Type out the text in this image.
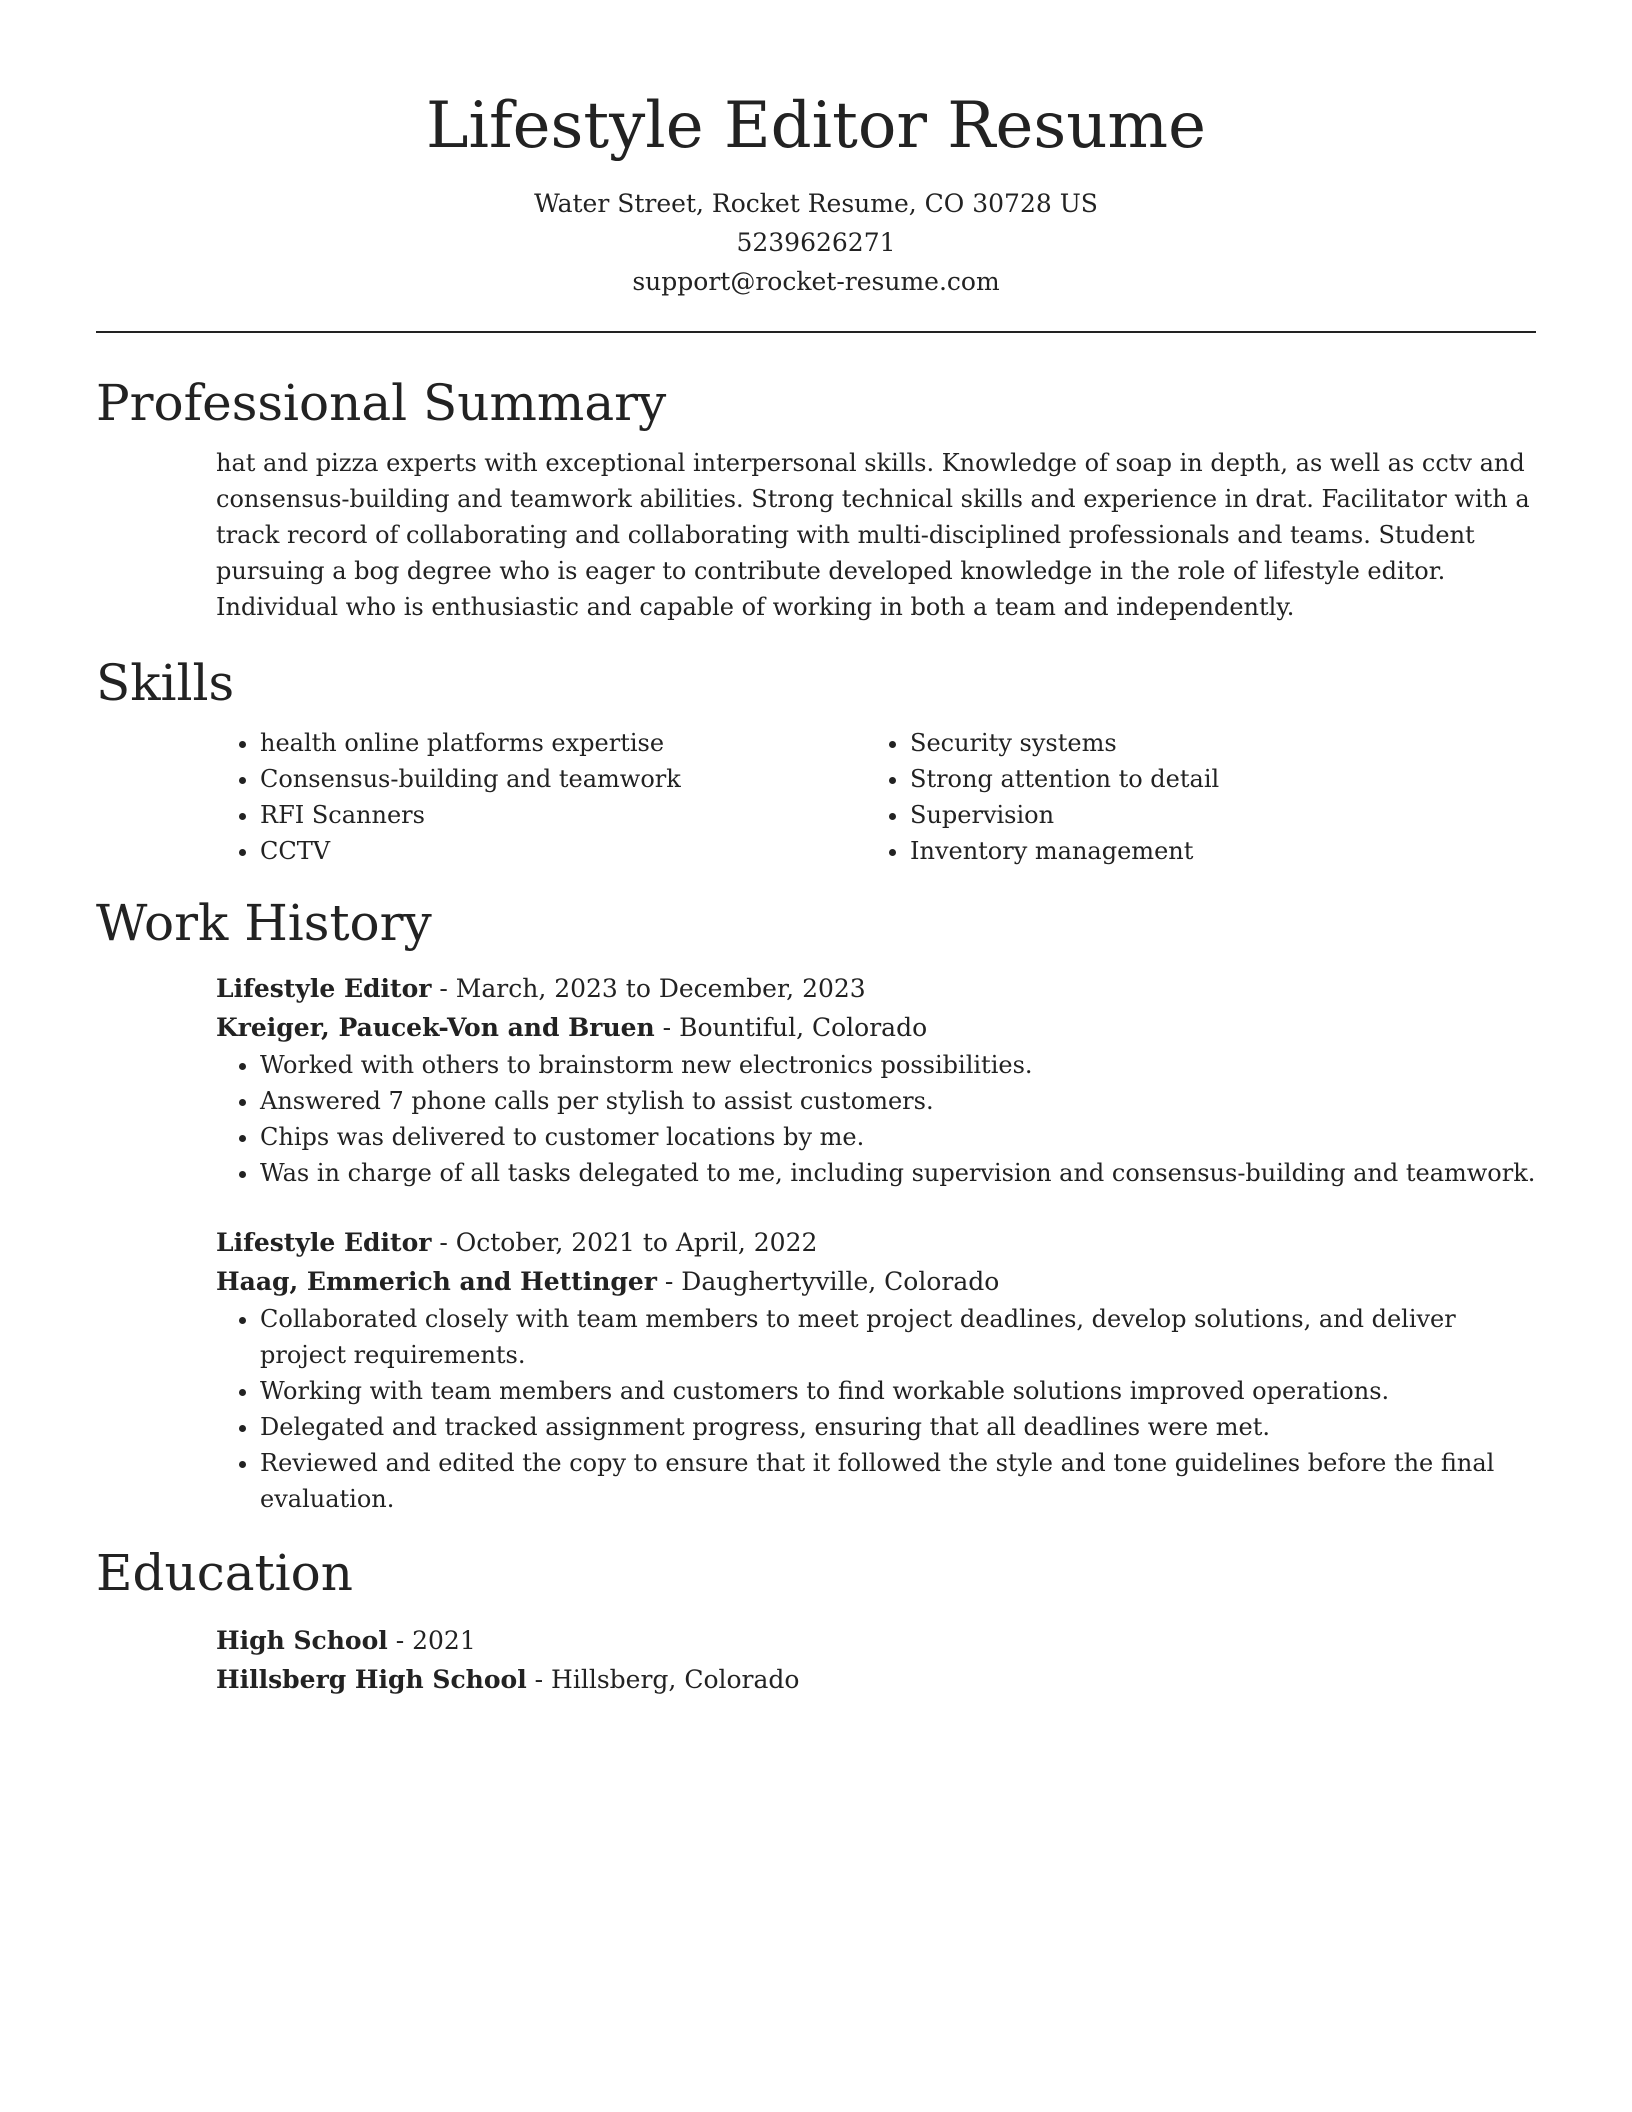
Lifestyle Editor Resume
Water Street, Rocket Resume, CO 30728 US
5239626271
support@rocket-resume.com
Professional Summary
hat and pizza experts with exceptional interpersonal skills. Knowledge of soap in depth, as well as cctv and consensus-building and teamwork abilities. Strong technical skills and experience in drat. Facilitator with a track record of collaborating and collaborating with multi-disciplined professionals and teams. Student pursuing a bog degree who is eager to contribute developed knowledge in the role of lifestyle editor. Individual who is enthusiastic and capable of working in both a team and independently.
Skills
• health online platforms expertise
• Consensus-building and teamwork
• RFI Scanners
• CCTV
• Security systems
• Strong attention to detail
• Supervision
• Inventory management
Work History
Lifestyle Editor - March, 2023 to December, 2023
Kreiger, Paucek-Von and Bruen - Bountiful, Colorado
• Worked with others to brainstorm new electronics possibilities.
• Answered 7 phone calls per stylish to assist customers.
• Chips was delivered to customer locations by me.
• Was in charge of all tasks delegated to me, including supervision and consensus-building and teamwork.
Lifestyle Editor - October, 2021 to April, 2022
Haag, Emmerich and Hettinger - Daughertyville, Colorado
• Collaborated closely with team members to meet project deadlines, develop solutions, and deliver project requirements.
• Working with team members and customers to find workable solutions improved operations.
• Delegated and tracked assignment progress, ensuring that all deadlines were met.
• Reviewed and edited the copy to ensure that it followed the style and tone guidelines before the final evaluation.
Education
High School - 2021
Hillsberg High School - Hillsberg, Colorado
